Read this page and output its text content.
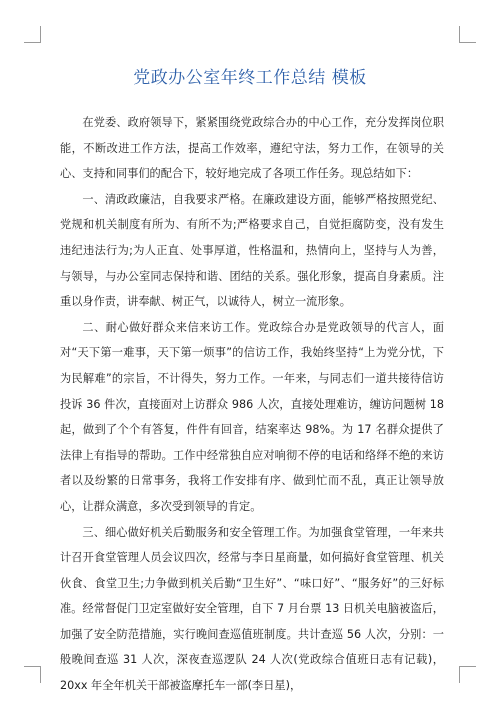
党政办公室年终工作总结 模板

在党委、政府领导下，紧紧围绕党政综合办的中心工作，充分发挥岗位职能，不断改进工作方法，提高工作效率，遵纪守法，努力工作，在领导的关心、支持和同事们的配合下，较好地完成了各项工作任务。现总结如下：

一、清政政廉洁，自我要求严格。在廉政建设方面，能够严格按照党纪、党规和机关制度有所为、有所不为;严格要求自己，自觉拒腐防变，没有发生违纪违法行为;为人正直、处事厚道，性格温和，热情向上，坚持与人为善，与领导，与办公室同志保持和谐、团结的关系。强化形象，提高自身素质。注重以身作责，讲奉献、树正气，以诚待人，树立一流形象。

二、耐心做好群众来信来访工作。党政综合办是党政领导的代言人，面对“天下第一难事，天下第一烦事”的信访工作，我始终坚持“上为党分忧，下为民解难”的宗旨，不计得失，努力工作。一年来，与同志们一道共接待信访投诉 36 件次，直接面对上访群众 986 人次，直接处理难访，缠访问题树 18 起，做到了个个有答复，件件有回音，结案率达 98%。为 17 名群众提供了法律上有指导的帮助。工作中经常独自应对响彻不停的电话和络绎不绝的来访者以及纷繁的日常事务，我将工作安排有序、做到忙而不乱，真正让领导放心，让群众满意，多次受到领导的肯定。

三、细心做好机关后勤服务和安全管理工作。为加强食堂管理，一年来共计召开食堂管理人员会议四次，经常与李日星商量，如何搞好食堂管理、机关伙食、食堂卫生;力争做到机关后勤“卫生好”、“味口好”、“服务好”的三好标准。经常督促门卫定室做好安全管理，自下 7 月台票 13 日机关电脑被盗后，加强了安全防范措施，实行晚间查巡值班制度。共计查巡 56 人次，分别：一般晚间查巡 31 人次，深夜查巡逻队 24 人次(党政综合值班日志有记载)，20xx 年全年机关干部被盗摩托车一部(李日星)，
